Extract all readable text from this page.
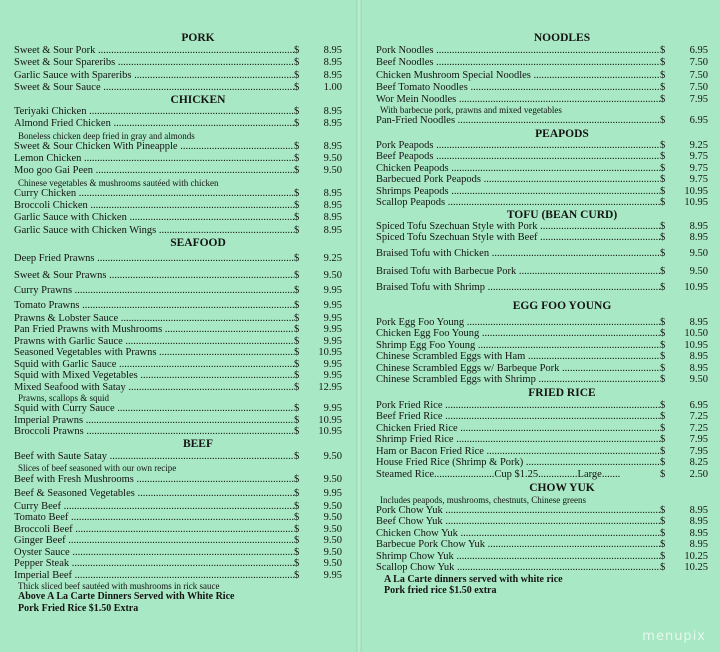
PORK
Sweet & Sour Pork .....	$	8.95
Sweet & Sour Spareribs .....	$	8.95
Garlic Sauce with Spareribs .....	$	8.95
Sweet & Sour Sauce .....	$	1.00
CHICKEN
Teriyaki Chicken .....	$	8.95
Almond Fried Chicken .....	$	8.95
Boneless chicken deep fried in gray and almonds
Sweet & Sour Chicken With Pineapple .....	$	8.95
Lemon Chicken .....	$	9.50
Moo goo Gai Peen .....	$	9.50
Chinese vegetables & mushrooms sautéed with chicken
Curry Chicken .....	$	8.95
Broccoli Chicken .....	$	8.95
Garlic Sauce with Chicken .....	$	8.95
Garlic Sauce with Chicken Wings .....	$	8.95
SEAFOOD
Deep Fried Prawns .....	$	9.25
Sweet & Sour Prawns .....	$	9.50
Curry Prawns .....	$	9.95
Tomato Prawns .....	$	9.95
Prawns & Lobster Sauce .....	$	9.95
Pan Fried Prawns with Mushrooms .....	$	9.95
Prawns with Garlic Sauce .....	$	9.95
Seasoned Vegetables with Prawns .....	$	10.95
Squid with Garlic Sauce .....	$	9.95
Squid with Mixed Vegetables .....	$	9.95
Mixed Seafood with Satay .....	$	12.95
Prawns, scallops & squid
Squid with Curry Sauce .....	$	9.95
Imperial Prawns .....	$	10.95
Broccoli Prawns .....	$	10.95
BEEF
Beef with Saute Satay .....	$	9.50
Slices of beef seasoned with our own recipe
Beef with Fresh Mushrooms .....	$	9.50
Beef & Seasoned Vegetables .....	$	9.95
Curry Beef .....	$	9.50
Tomato Beef .....	$	9.50
Broccoli Beef .....	$	9.50
Ginger Beef .....	$	9.50
Oyster Sauce .....	$	9.50
Pepper Steak .....	$	9.50
Imperial Beef .....	$	9.95
Thick sliced beef sautéed with mushrooms in rick sauce
Above A La Carte Dinners Served with White Rice
Pork Fried Rice $1.50 Extra
NOODLES
Pork Noodles .....	$	6.95
Beef Noodles .....	$	7.50
Chicken Mushroom Special Noodles .....	$	7.50
Beef Tomato Noodles .....	$	7.50
Wor Mein Noodles .....	$	7.95
With barbecue pork, prawns and mixed vegetables
Pan-Fried Noodles .....	$	6.95
PEAPODS
Pork Peapods .....	$	9.25
Beef Peapods .....	$	9.75
Chicken Peapods .....	$	9.75
Barbecued Pork Peapods .....	$	9.75
Shrimps Peapods .....	$	10.95
Scallop Peapods .....	$	10.95
TOFU (BEAN CURD)
Spiced Tofu Szechuan Style with Pork .....	$	8.95
Spiced Tofu Szechuan Style with Beef .....	$	8.95
Braised Tofu with Chicken .....	$	9.50
Braised Tofu with Barbecue Pork .....	$	9.50
Braised Tofu with Shrimp .....	$	10.95
EGG FOO YOUNG
Pork Egg Foo Young .....	$	8.95
Chicken Egg Foo Young .....	$	10.50
Shrimp Egg Foo Young .....	$	10.95
Chinese Scrambled Eggs with Ham .....	$	8.95
Chinese Scrambled Eggs w/ Barbeque Pork .....	$	8.95
Chinese Scrambled Eggs with Shrimp .....	$	9.50
FRIED RICE
Pork Fried Rice .....	$	6.95
Beef Fried Rice .....	$	7.25
Chicken Fried Rice .....	$	7.25
Shrimp Fried Rice .....	$	7.95
Ham or Bacon Fried Rice .....	$	7.95
House Fried Rice (Shrimp & Pork) .....	$	8.25
Steamed Rice.......................Cup $1.25...............Large.......	$	2.50
CHOW YUK
Includes peapods, mushrooms, chestnuts, Chinese greens
Pork Chow Yuk .....	$	8.95
Beef Chow Yuk .....	$	8.95
Chicken Chow Yuk .....	$	8.95
Barbecue Pork Chow Yuk .....	$	8.95
Shrimp Chow Yuk .....	$	10.25
Scallop Chow Yuk .....	$	10.25
A La Carte dinners served with white rice
Pork fried rice $1.50 extra
menupix
